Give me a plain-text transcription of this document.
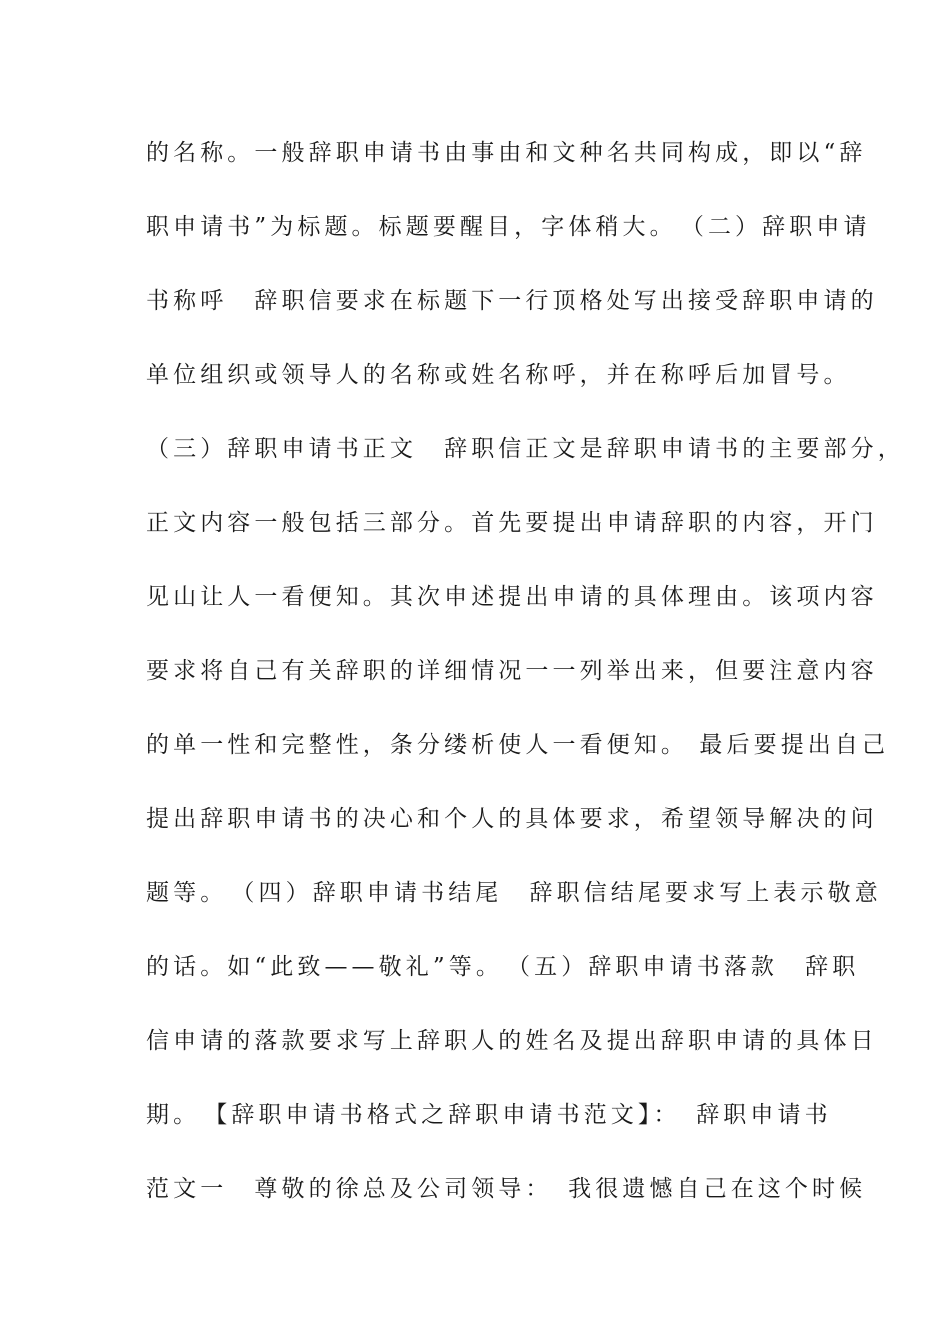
的名称。一般辞职申请书由事由和文种名共同构成，即以“辞
职申请书”为标题。标题要醒目，字体稍大。　（二）辞职申请
书称呼　辞职信要求在标题下一行顶格处写出接受辞职申请的
单位组织或领导人的名称或姓名称呼，并在称呼后加冒号。
（三）辞职申请书正文　辞职信正文是辞职申请书的主要部分，
正文内容一般包括三部分。首先要提出申请辞职的内容，开门
见山让人一看便知。其次申述提出申请的具体理由。该项内容
要求将自己有关辞职的详细情况一一列举出来，但要注意内容
的单一性和完整性，条分缕析使人一看便知。 最后要提出自己
提出辞职申请书的决心和个人的具体要求，希望领导解决的问
题等。　（四）辞职申请书结尾　辞职信结尾要求写上表示敬意
的话。如“此致——敬礼”等。　（五）辞职申请书落款　辞职
信申请的落款要求写上辞职人的姓名及提出辞职申请的具体日
期。　【辞职申请书格式之辞职申请书范文】：　辞职申请书
范文一　尊敬的徐总及公司领导：　我很遗憾自己在这个时候
